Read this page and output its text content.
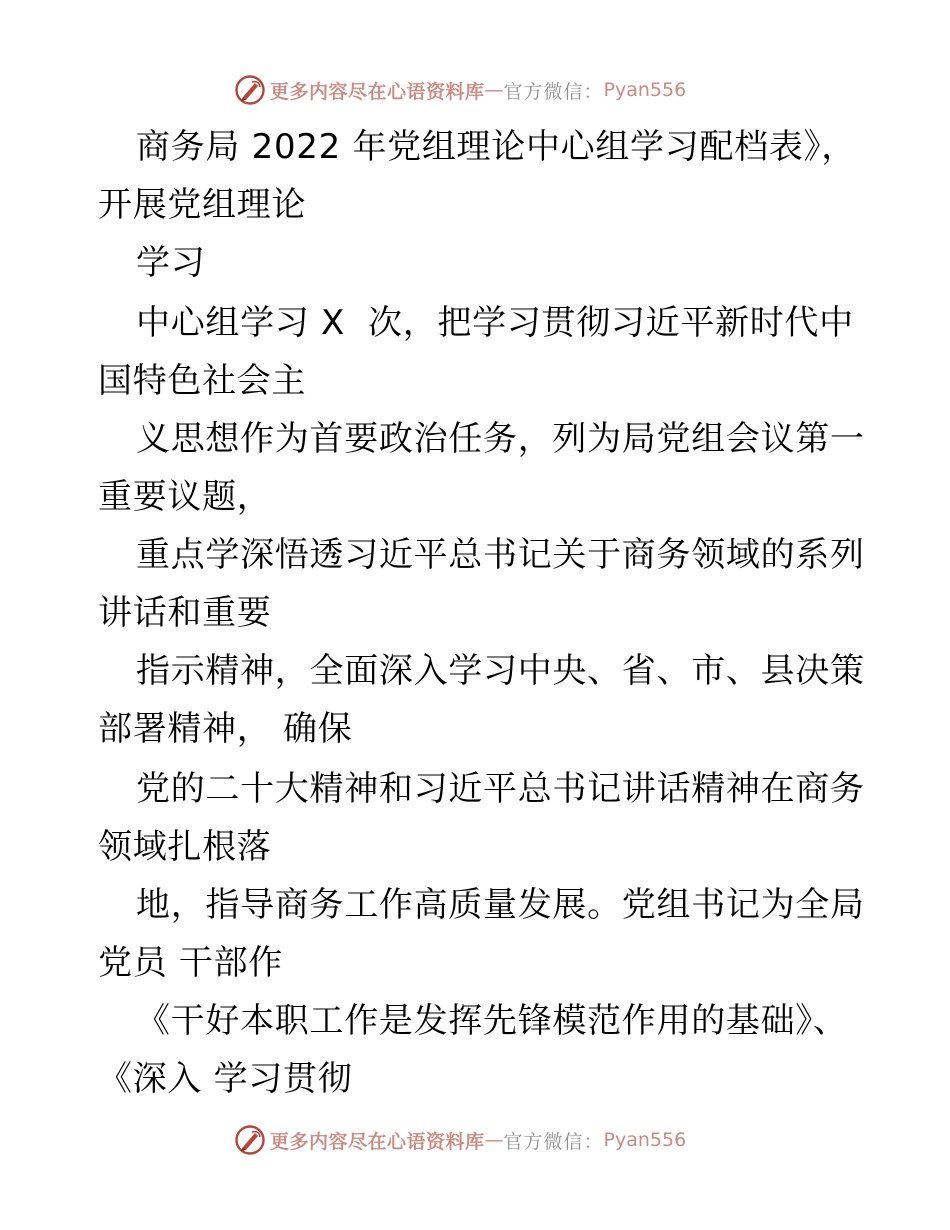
更多内容尽在心语资料库 — 官方微信： Pyan556
商务局 2022 年党组理论中心组学习配档表》，
开展党组理论
学习
中心组学习 X  次，把学习贯彻习近平新时代中
国特色社会主
义思想作为首要政治任务，列为局党组会议第一
重要议题，
重点学深悟透习近平总书记关于商务领域的系列
讲话和重要
指示精神，全面深入学习中央、省、市、县决策
部署精神， 确保
党的二十大精神和习近平总书记讲话精神在商务
领域扎根落
地，指导商务工作高质量发展。党组书记为全局
党员 干部作
《干好本职工作是发挥先锋模范作用的基础》、
《深入 学习贯彻
更多内容尽在心语资料库 — 官方微信： Pyan556
